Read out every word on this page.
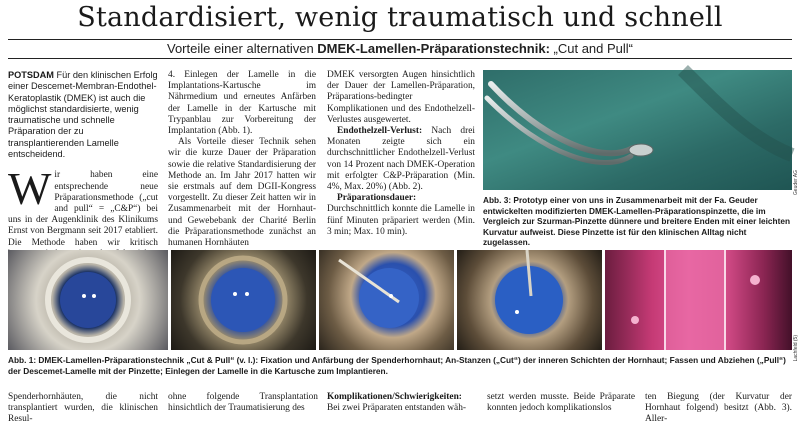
Standardisiert, wenig traumatisch und schnell
Vorteile einer alternativen DMEK-Lamellen-Präparationstechnik: „Cut and Pull“

POTSDAM Für den klinischen Erfolg einer Descemet-Membran-Endothel-Keratoplastik (DMEK) ist auch die möglichst standardisierte, wenig traumatische und schnelle Präparation der zu transplantierenden Lamelle entscheidend.

Wir haben eine entsprechende neue Präparationsmethode („cut and pull“ = „C&P“) bei uns in der Augenklinik des Klinikums Ernst von Bergmann seit 2017 etabliert. Die Methode haben wir kritisch

4. Einlegen der Lamelle in die Implantations-Kartusche im Nährmedium und erneutes Anfärben der Lamelle in der Kartusche mit Trypanblau zur Vorbereitung der Implantation (Abb. 1).

Als Vorteile dieser Technik sehen wir die kurze Dauer der Präparation sowie die relative Standardisierung der Methode an. Im Jahr 2017 hatten wir sie erstmals auf dem DGII-Kongress vorgestellt. Zu dieser Zeit hatten wir in Zusammenarbeit mit der Hornhaut- und Gewebebank der Charité Berlin die Präparationsmethode zunächst an humanen Hornhäuten

DMEK versorgten Augen hinsichtlich der Dauer der Lamellen-Präparation, Präparations-bedingter Komplikationen und des Endothelzell-Verlustes ausgewertet.

Endothelzell-Verlust: Nach drei Monaten zeigte sich ein durchschnittlicher Endothelzell-Verlust von 14 Prozent nach DMEK-Operation mit erfolgter C&P-Präparation (Min. 4%, Max. 20%) (Abb. 2).

Präparationsdauer: Durchschnittlich konnte die Lamelle in fünf Minuten präpariert werden (Min. 3 min; Max. 10 min).

Geuder AG
Abb. 3: Prototyp einer von uns in Zusammenarbeit mit der Fa. Geuder entwickelten modifizierten DMEK-Lamellen-Präparationspinzette, die im Vergleich zur Szurman-Pinzette dünnere und breitere Enden mit einer leichten Kurvatur aufweist. Diese Pinzette ist für den klinischen Alltag nicht zugelassen.
Lachfeld (5)
Abb. 1: DMEK-Lamellen-Präparationstechnik „Cut & Pull“ (v. l.): Fixation und Anfärbung der Spenderhornhaut; An-Stanzen („Cut“) der inneren Schichten der Hornhaut; Fassen und Abziehen („Pull“) der Descemet-Lamelle mit der Pinzette; Einlegen der Lamelle in die Kartusche zum Implantieren.
Spenderhornhäuten, die nicht transplantiert wurden, die klinischen Resul-
ohne folgende Transplantation hinsichtlich der Traumatisierung des
Komplikationen/Schwierigkeiten:
Bei zwei Präparaten entstanden wäh-
setzt werden musste. Beide Präparate konnten jedoch komplikationslos
ten Biegung (der Kurvatur der Hornhaut folgend) besitzt (Abb. 3). Aller-
